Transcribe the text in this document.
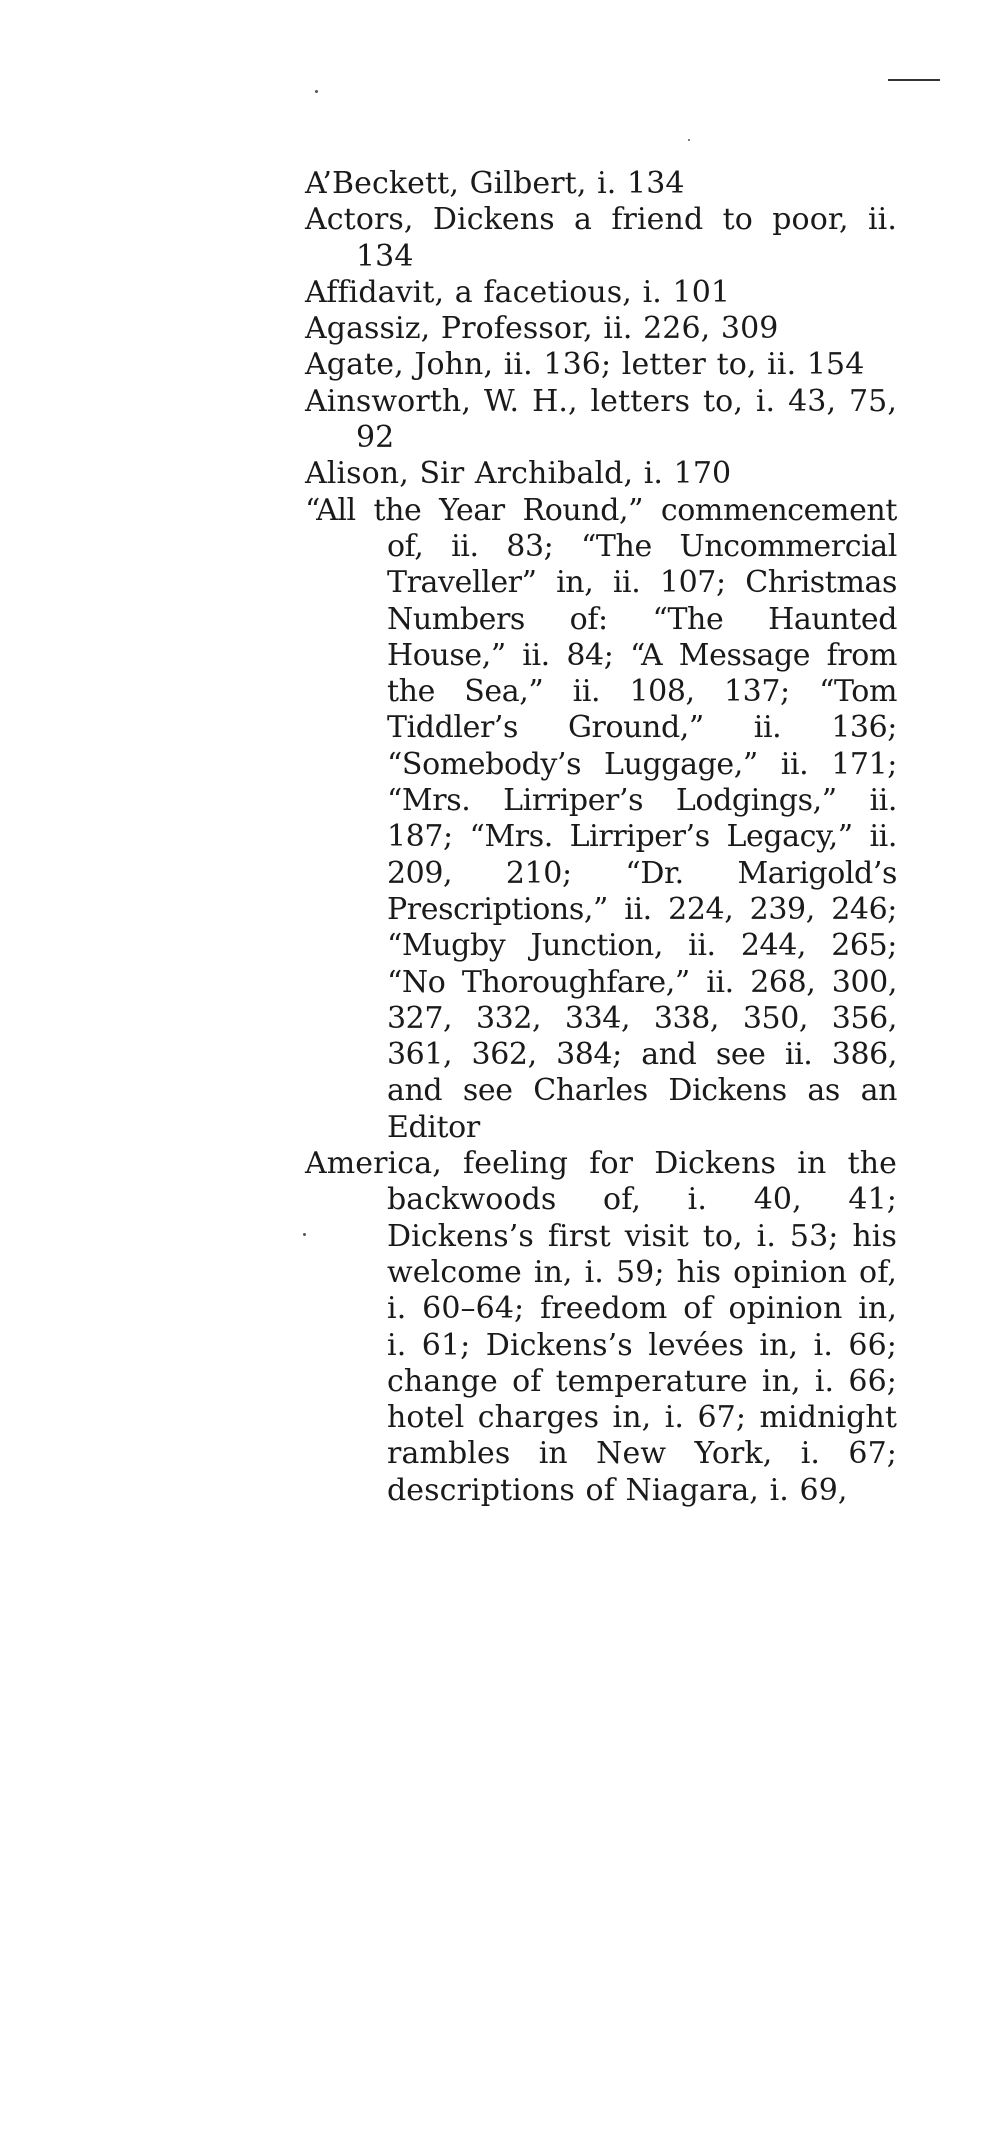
A’Beckett, Gilbert, i. 134

Actors, Dickens a friend to poor, ii. 134

Affidavit, a facetious, i. 101

Agassiz, Professor, ii. 226, 309

Agate, John, ii. 136; letter to, ii. 154

Ainsworth, W. H., letters to, i. 43, 75, 92

Alison, Sir Archibald, i. 170

“All the Year Round,” commencement of, ii. 83; “The Uncommercial Traveller” in, ii. 107; Christmas Numbers of: “The Haunted House,” ii. 84; “A Message from the Sea,” ii. 108, 137; “Tom Tiddler’s Ground,” ii. 136; “Somebody’s Luggage,” ii. 171; “Mrs. Lirriper’s Lodgings,” ii. 187; “Mrs. Lirriper’s Legacy,” ii. 209, 210; “Dr. Marigold’s Prescriptions,” ii. 224, 239, 246; “Mugby Junction, ii. 244, 265; “No Thoroughfare,” ii. 268, 300, 327, 332, 334, 338, 350, 356, 361, 362, 384; and see ii. 386, and see Charles Dickens as an Editor

America, feeling for Dickens in the backwoods of, i. 40, 41; Dickens’s first visit to, i. 53; his welcome in, i. 59; his opinion of, i. 60–64; freedom of opinion in, i. 61; Dickens’s levées in, i. 66; change of temperature in, i. 66; hotel charges in, i. 67; midnight rambles in New York, i. 67; descriptions of Niagara, i. 69,
